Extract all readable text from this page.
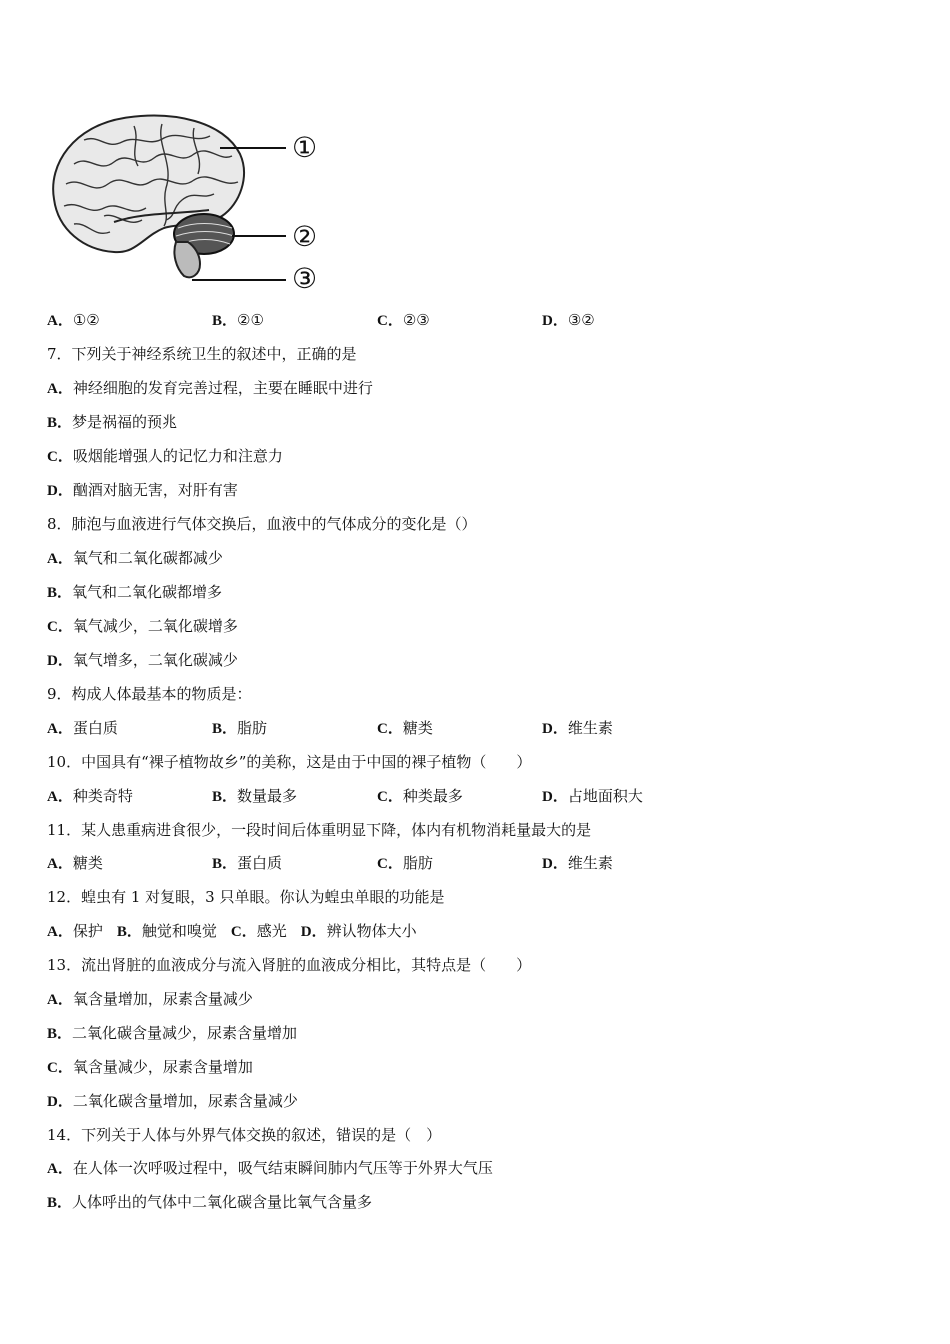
①
②
③
A．①②	B．②①	C．②③	D．③②
7．下列关于神经系统卫生的叙述中，正确的是
A．神经细胞的发育完善过程，主要在睡眠中进行
B．梦是祸福的预兆
C．吸烟能增强人的记忆力和注意力
D．酗酒对脑无害，对肝有害
8．肺泡与血液进行气体交换后，血液中的气体成分的变化是（）
A．氧气和二氧化碳都减少
B．氧气和二氧化碳都增多
C．氧气减少，二氧化碳增多
D．氧气增多，二氧化碳减少
9．构成人体最基本的物质是：
A．蛋白质	B．脂肪	C．糖类	D．维生素
10．中国具有“裸子植物故乡”的美称，这是由于中国的裸子植物（　　）
A．种类奇特	B．数量最多	C．种类最多	D．占地面积大
11．某人患重病进食很少，一段时间后体重明显下降，体内有机物消耗量最大的是
A．糖类	B．蛋白质	C．脂肪	D．维生素
12．蝗虫有 1 对复眼，3 只单眼。你认为蝗虫单眼的功能是
A．保护 B．触觉和嗅觉 C．感光 D．辨认物体大小
13．流出肾脏的血液成分与流入肾脏的血液成分相比，其特点是（　　）
A．氧含量增加，尿素含量减少
B．二氧化碳含量减少，尿素含量增加
C．氧含量减少，尿素含量增加
D．二氧化碳含量增加，尿素含量减少
14．下列关于人体与外界气体交换的叙述，错误的是（　）
A．在人体一次呼吸过程中，吸气结束瞬间肺内气压等于外界大气压
B．人体呼出的气体中二氧化碳含量比氧气含量多
